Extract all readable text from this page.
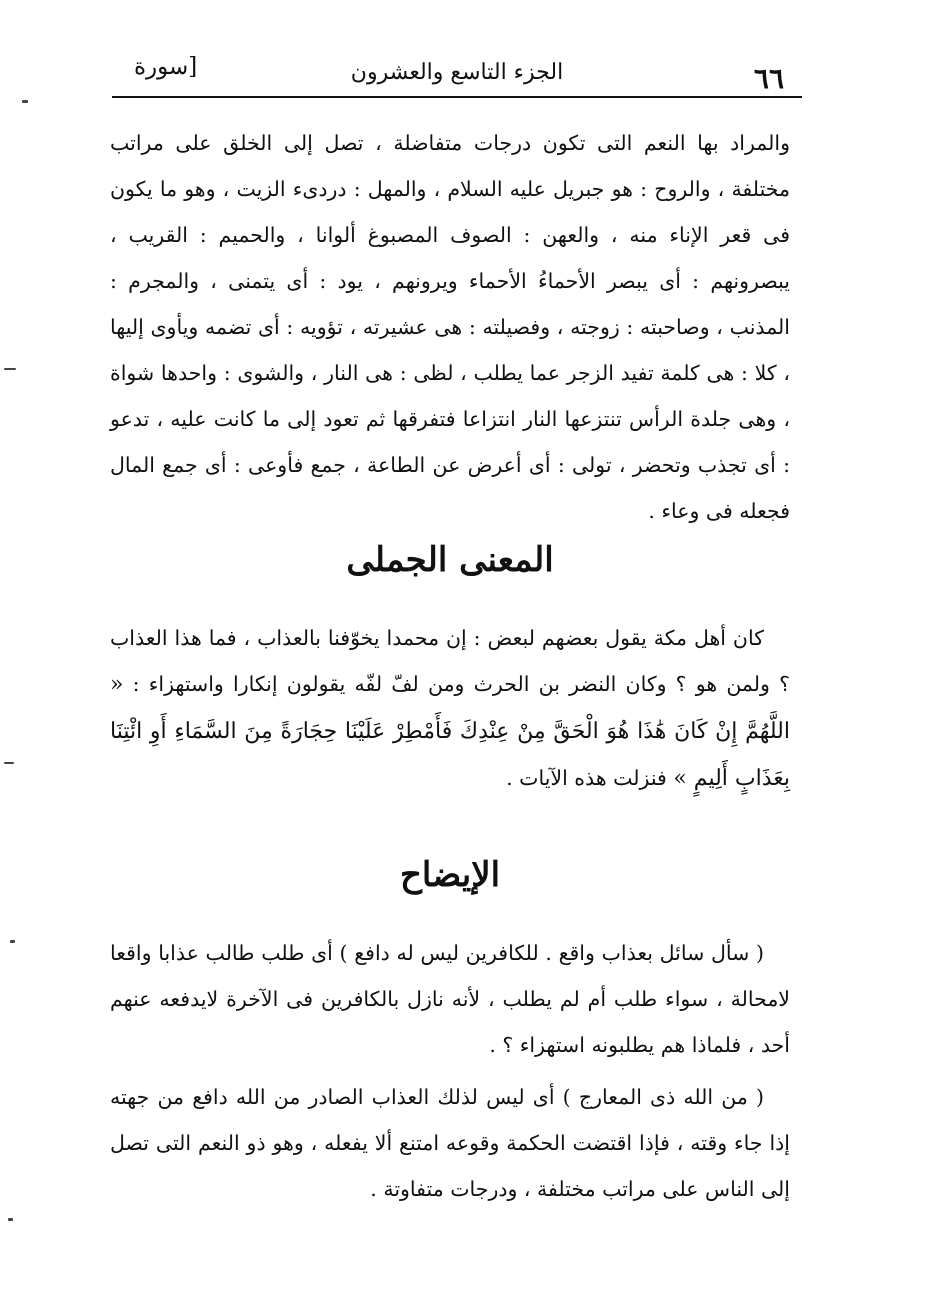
٦٦
الجزء التاسع والعشرون
[سورة

والمراد بها النعم التى تكون درجات متفاضلة ، تصل إلى الخلق على مراتب مختلفة ، والروح : هو جبريل عليه السلام ، والمهل : دردىء الزيت ، وهو ما يكون فى قعر الإناء منه ، والعهن : الصوف المصبوغ ألوانا ، والحميم : القريب ، يبصرونهم : أى يبصر الأحماءُ الأحماء ويرونهم ، يود : أى يتمنى ، والمجرم : المذنب ، وصاحبته : زوجته ، وفصيلته : هى عشيرته ، تؤويه : أى تضمه ويأوى إليها ، كلا : هى كلمة تفيد الزجر عما يطلب ، لظى : هى النار ، والشوى : واحدها شواة ، وهى جلدة الرأس تنتزعها النار انتزاعا فتفرقها ثم تعود إلى ما كانت عليه ، تدعو : أى تجذب وتحضر ، تولى : أى أعرض عن الطاعة ، جمع فأوعى : أى جمع المال فجعله فى وعاء .

المعنى الجملى

كان أهل مكة يقول بعضهم لبعض : إن محمدا يخوّفنا بالعذاب ، فما هذا العذاب ؟ ولمن هو ؟ وكان النضر بن الحرث ومن لفّ لفّه يقولون إنكارا واستهزاء : « اللَّهُمَّ إِنْ كَانَ هَٰذَا هُوَ الْحَقَّ مِنْ عِنْدِكَ فَأَمْطِرْ عَلَيْنَا حِجَارَةً مِنَ السَّمَاءِ أَوِ ائْتِنَا بِعَذَابٍ أَلِيمٍ » فنزلت هذه الآيات .

الإيضاح

( سأل سائل بعذاب واقع . للكافرين ليس له دافع ) أى طلب طالب عذابا واقعا لامحالة ، سواء طلب أم لم يطلب ، لأنه نازل بالكافرين فى الآخرة لايدفعه عنهم أحد ، فلماذا هم يطلبونه استهزاء ؟ .

( من الله ذى المعارج ) أى ليس لذلك العذاب الصادر من الله دافع من جهته إذا جاء وقته ، فإذا اقتضت الحكمة وقوعه امتنع ألا يفعله ، وهو ذو النعم التى تصل إلى الناس على مراتب مختلفة ، ودرجات متفاوتة .
